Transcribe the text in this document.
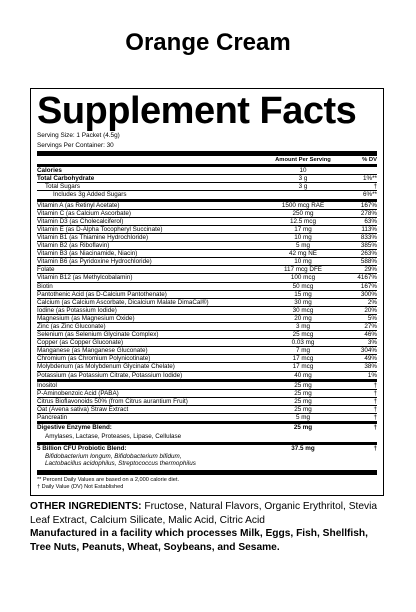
Orange Cream
Supplement Facts
Serving Size: 1 Packet (4.5g)
Servings Per Container: 30
Amount Per Serving	% DV
Calories	10
Total Carbohydrate	3 g	1%**
Total Sugars	3 g	†
Includes 3g Added Sugars	6%**
Vitamin A (as Retinyl Acetate)	1500 mcg RAE	167%
Vitamin C (as Calcium Ascorbate)	250 mg	278%
Vitamin D3 (as Cholecalciferol)	12.5 mcg	63%
Vitamin E (as D-Alpha Tocopheryl Succinate)	17 mg	113%
Vitamin B1 (as Thiamine Hydrochloride)	10 mg	833%
Vitamin B2 (as Riboflavin)	5 mg	385%
Vitamin B3 (as Niacinamide, Niacin)	42 mg NE	263%
Vitamin B6 (as Pyridoxine Hydrochloride)	10 mg	588%
Folate	117 mcg DFE	29%
Vitamin B12 (as Methylcobalamin)	100 mcg	4167%
Biotin	50 mcg	167%
Pantothenic Acid (as D-Calcium Pantothenate)	15 mg	300%
Calcium (as Calcium Ascorbate, Dicalcium Malate DimaCal®)	30 mg	2%
Iodine (as Potassium Iodide)	30 mcg	20%
Magnesium (as Magnesium Oxide)	20 mg	5%
Zinc (as Zinc Gluconate)	3 mg	27%
Selenium (as Selenium Glycinate Complex)	25 mcg	46%
Copper (as Copper Gluconate)	0.03 mg	3%
Manganese (as Manganese Gluconate)	7 mg	304%
Chromium (as Chromium Polynicotinate)	17 mcg	49%
Molybdenum (as Molybdenum Glycinate Chelate)	17 mcg	38%
Potassium (as Potassium Citrate, Potassium Iodide)	40 mg	1%
Inositol	25 mg	†
P-Aminobenzoic Acid (PABA)	25 mg	†
Citrus Bioflavonoids 50% (from Citrus aurantium Fruit)	25 mg	†
Oat (Avena sativa) Straw Extract	25 mg	†
Pancreatin	5 mg	†
Digestive Enzyme Blend:	25 mg	†
Amylases, Lactase, Proteases, Lipase, Cellulase
5 Billion CFU Probiotic Blend:	37.5 mg	†
Bifidobacterium longum, Bifidobacterium bifidum,
Lactobacillus acidophilus, Streptococcus thermophilus
** Percent Daily Values are based on a 2,000 calorie diet.
† Daily Value (DV) Not Established
OTHER INGREDIENTS: Fructose, Natural Flavors, Organic Erythritol, Stevia Leaf Extract, Calcium Silicate, Malic Acid, Citric Acid
Manufactured in a facility which processes Milk, Eggs, Fish, Shellfish, Tree Nuts, Peanuts, Wheat, Soybeans, and Sesame.
